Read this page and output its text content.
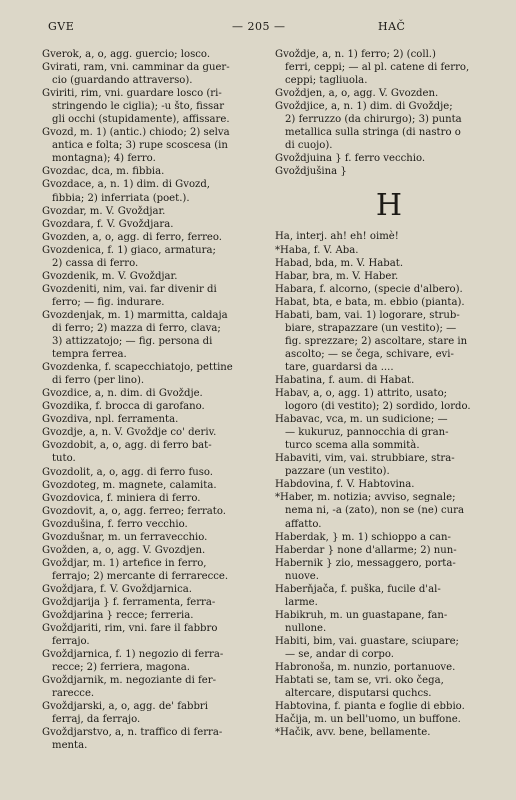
GVE	— 205 —	HAČ
Gverok, a, o, agg. guercio; losco.
Gvirati, ram, vni. camminar da guer-
cio (guardando attraverso).
Gviriti, rim, vni. guardare losco (ri-
stringendo le ciglia); -u što, fissar
gli occhi (stupidamente), affissare.
Gvozd, m. 1) (antic.) chiodo; 2) selva
antica e folta; 3) rupe scoscesa (in
montagna); 4) ferro.
Gvozdac, dca, m. fibbia.
Gvozdace, a, n. 1) dim. di Gvozd,
fibbia; 2) inferriata (poet.).
Gvozdar, m. V. Gvoždjar.
Gvozdara, f. V. Gvoždjara.
Gvozden, a, o, agg. di ferro, ferreo.
Gvozdenica, f. 1) giaco, armatura;
2) cassa di ferro.
Gvozdenik, m. V. Gvoždjar.
Gvozdeniti, nim, vai. far divenir di
ferro; — fig. indurare.
Gvozdenjak, m. 1) marmitta, caldaja
di ferro; 2) mazza di ferro, clava;
3) attizzatojo; — fig. persona di
tempra ferrea.
Gvozdenka, f. scapecchiatojo, pettine
di ferro (per lino).
Gvozdice, a, n. dim. di Gvoždje.
Gvozdika, f. brocca di garofano.
Gvozdiva, npl. ferramenta.
Gvozdje, a, n. V. Gvoždje co' deriv.
Gvozdobit, a, o, agg. di ferro bat-
tuto.
Gvozdolit, a, o, agg. di ferro fuso.
Gvozdoteg, m. magnete, calamita.
Gvozdovica, f. miniera di ferro.
Gvozdovit, a, o, agg. ferreo; ferrato.
Gvozdušina, f. ferro vecchio.
Gvozdušnar, m. un ferravecchio.
Gvožden, a, o, agg. V. Gvozdjen.
Gvoždjar, m. 1) artefice in ferro,
ferrajo; 2) mercante di ferrarecce.
Gvoždjara, f. V. Gvoždjarnica.
Gvoždjarija } f. ferramenta, ferra-
Gvoždjarina } recce; ferreria.
Gvoždjariti, rim, vni. fare il fabbro
ferrajo.
Gvoždjarnica, f. 1) negozio di ferra-
recce; 2) ferriera, magona.
Gvoždjarnik, m. negoziante di fer-
rarecce.
Gvoždjarski, a, o, agg. de' fabbri
ferraj, da ferrajo.
Gvoždjarstvo, a, n. traffico di ferra-
menta.
Gvoždje, a, n. 1) ferro; 2) (coll.)
ferri, ceppi; — al pl. catene di ferro,
ceppi; tagliuola.
Gvoždjen, a, o, agg. V. Gvozden.
Gvoždjice, a, n. 1) dim. di Gvoždje;
2) ferruzzo (da chirurgo); 3) punta
metallica sulla stringa (di nastro o
di cuojo).
Gvoždjuina } f. ferro vecchio.
Gvoždjušina }
H
Ha, interj. ah! eh! oimè!
*Haba, f. V. Aba.
Habad, bda, m. V. Habat.
Habar, bra, m. V. Haber.
Habara, f. alcorno, (specie d'albero).
Habat, bta, e bata, m. ebbio (pianta).
Habati, bam, vai. 1) logorare, strub-
biare, strapazzare (un vestito); —
fig. sprezzare; 2) ascoltare, stare in
ascolto; — se čega, schivare, evi-
tare, guardarsi da ....
Habatina, f. aum. di Habat.
Habav, a, o, agg. 1) attrito, usato;
logoro (di vestito); 2) sordido, lordo.
Habavac, vca, m. un sudicione; —
— kukuruz, pannocchia di gran-
turco scema alla sommità.
Habaviti, vim, vai. strubbiare, stra-
pazzare (un vestito).
Habdovina, f. V. Habtovina.
*Haber, m. notizia; avviso, segnale;
nema ni, -a (zato), non se (ne) cura
affatto.
Haberdak, } m. 1) schioppo a can-
Haberdar } none d'allarme; 2) nun-
Habernik } zio, messaggero, porta-
nuove.
Haberňjača, f. puška, fucile d'al-
larme.
Habikruh, m. un guastapane, fan-
nullone.
Habiti, bim, vai. guastare, sciupare;
— se, andar di corpo.
Habronoša, m. nunzio, portanuove.
Habtati se, tam se, vri. oko čega,
altercare, disputarsi quchcs.
Habtovina, f. pianta e foglie di ebbio.
Hačija, m. un bell'uomo, un buffone.
*Hačik, avv. bene, bellamente.
